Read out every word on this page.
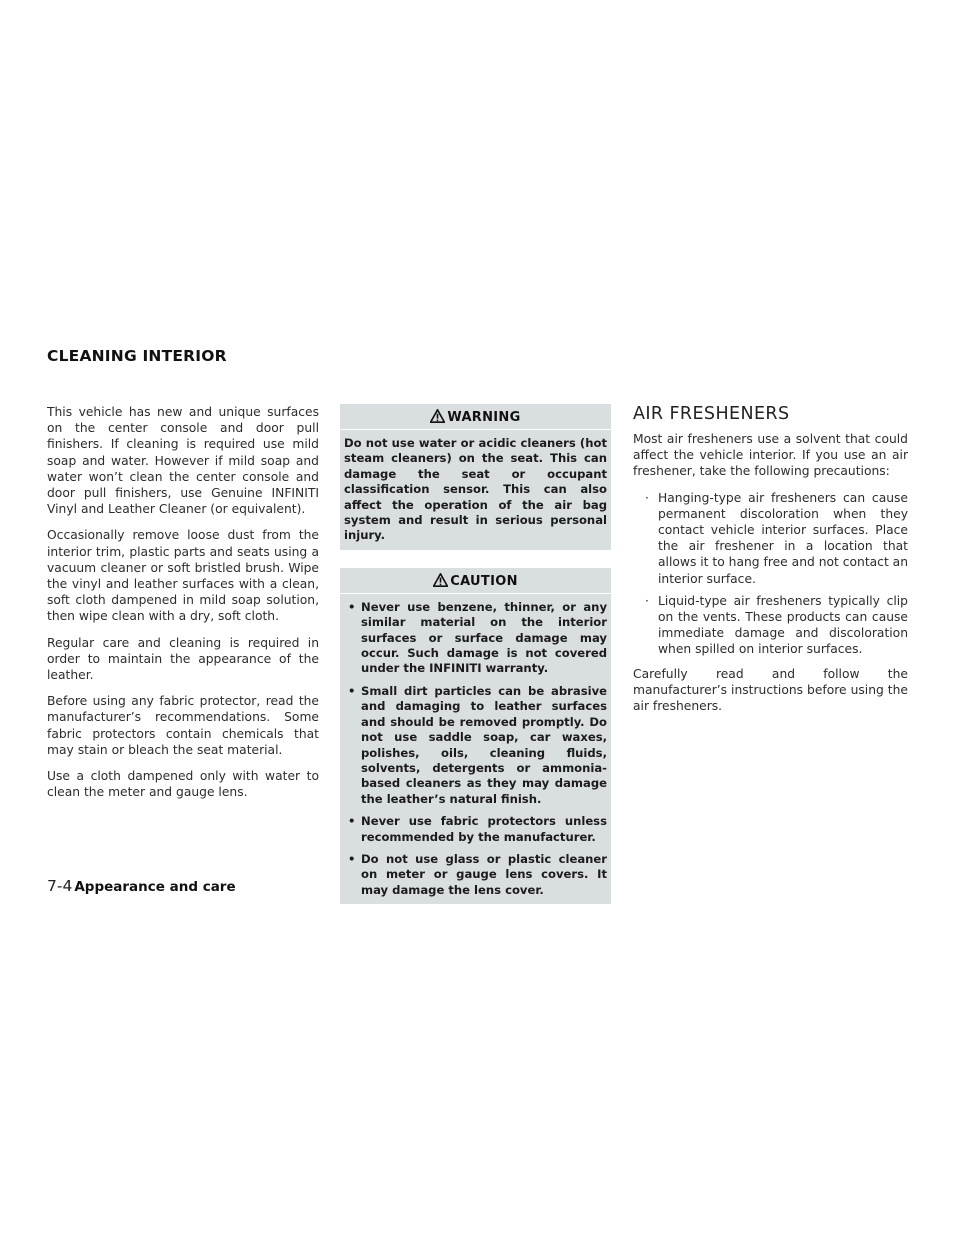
CLEANING INTERIOR

This vehicle has new and unique surfaces on the center console and door pull finishers. If cleaning is required use mild soap and water. However if mild soap and water won’t clean the center console and door pull finishers, use Genuine INFINITI Vinyl and Leather Cleaner (or equivalent).

Occasionally remove loose dust from the interior trim, plastic parts and seats using a vacuum cleaner or soft bristled brush. Wipe the vinyl and leather surfaces with a clean, soft cloth dampened in mild soap solution, then wipe clean with a dry, soft cloth.

Regular care and cleaning is required in order to maintain the appearance of the leather.

Before using any fabric protector, read the manufacturer’s recommendations. Some fabric protectors contain chemicals that may stain or bleach the seat material.

Use a cloth dampened only with water to clean the meter and gauge lens.

WARNING

Do not use water or acidic cleaners (hot steam cleaners) on the seat. This can damage the seat or occupant classification sensor. This can also affect the operation of the air bag system and result in serious personal injury.

CAUTION
• Never use benzene, thinner, or any similar material on the interior surfaces or surface damage may occur. Such damage is not covered under the INFINITI warranty.
• Small dirt particles can be abrasive and damaging to leather surfaces and should be removed promptly. Do not use saddle soap, car waxes, polishes, oils, cleaning fluids, solvents, detergents or ammonia-based cleaners as they may damage the leather’s natural finish.
• Never use fabric protectors unless recommended by the manufacturer.
• Do not use glass or plastic cleaner on meter or gauge lens covers. It may damage the lens cover.
AIR FRESHENERS

Most air fresheners use a solvent that could affect the vehicle interior. If you use an air freshener, take the following precautions:

· Hanging-type air fresheners can cause permanent discoloration when they contact vehicle interior surfaces. Place the air freshener in a location that allows it to hang free and not contact an interior surface.
· Liquid-type air fresheners typically clip on the vents. These products can cause immediate damage and discoloration when spilled on interior surfaces.

Carefully read and follow the manufacturer’s instructions before using the air fresheners.

7-4 Appearance and care
